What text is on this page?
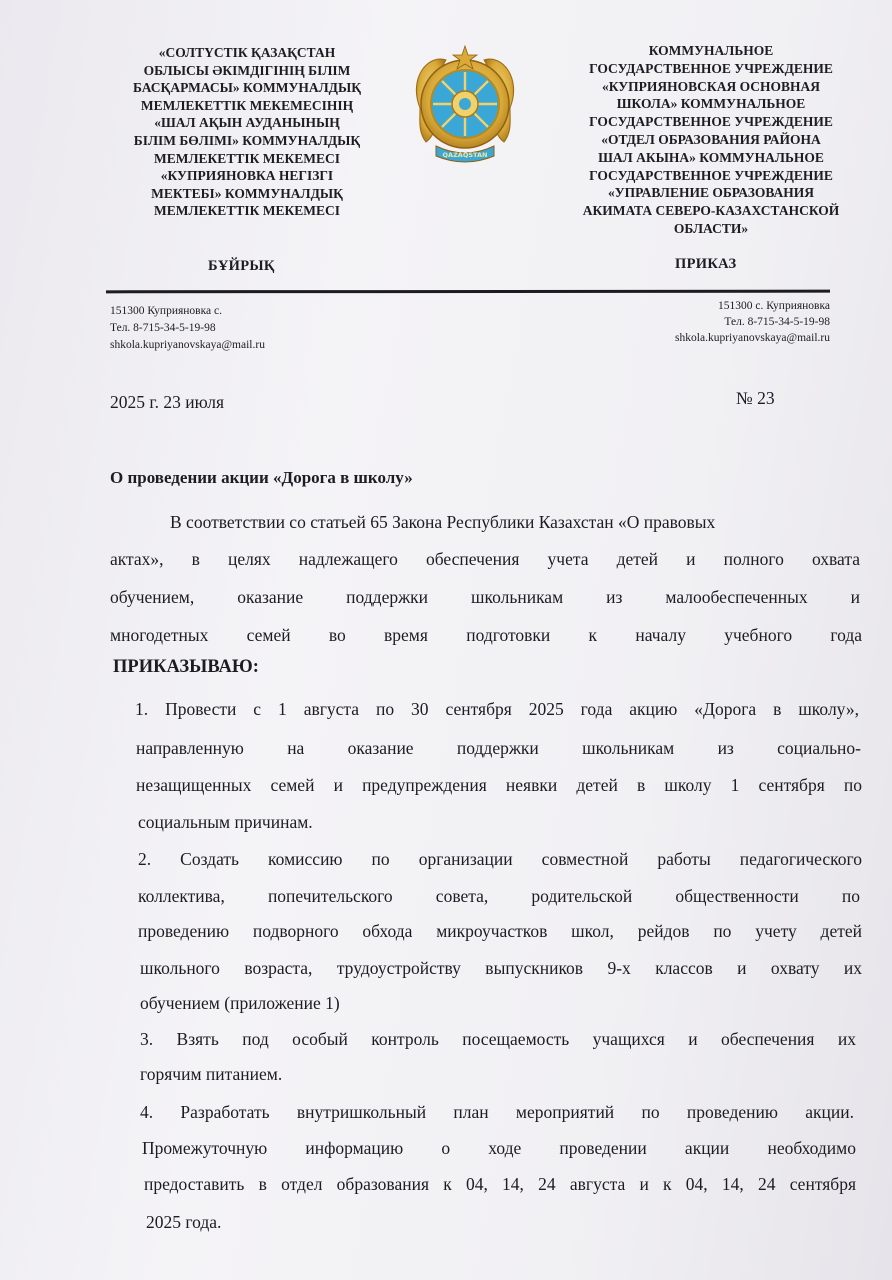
«СОЛТҮСТІК ҚАЗАҚСТАН
ОБЛЫСЫ ӘКІМДІГІНІҢ БІЛІМ
БАСҚАРМАСЫ» КОММУНАЛДЫҚ
МЕМЛЕКЕТТІК МЕКЕМЕСІНІҢ
«ШАЛ АҚЫН АУДАНЫНЫҢ
БІЛІМ БӨЛІМІ» КОММУНАЛДЫҚ
МЕМЛЕКЕТТІК МЕКЕМЕСІ
«КУПРИЯНОВКА НЕГІЗГІ
МЕКТЕБІ» КОММУНАЛДЫҚ
МЕМЛЕКЕТТІК МЕКЕМЕСІ
QAZAQSTAN
КОММУНАЛЬНОЕ
ГОСУДАРСТВЕННОЕ УЧРЕЖДЕНИЕ
«КУПРИЯНОВСКАЯ ОСНОВНАЯ
ШКОЛА» КОММУНАЛЬНОЕ
ГОСУДАРСТВЕННОЕ УЧРЕЖДЕНИЕ
«ОТДЕЛ ОБРАЗОВАНИЯ РАЙОНА
ШАЛ АКЫНА» КОММУНАЛЬНОЕ
ГОСУДАРСТВЕННОЕ УЧРЕЖДЕНИЕ
«УПРАВЛЕНИЕ ОБРАЗОВАНИЯ
АКИМАТА СЕВЕРО-КАЗАХСТАНСКОЙ
ОБЛАСТИ»
БҰЙРЫҚ	ПРИКАЗ
151300 Куприяновка с.
Тел. 8-715-34-5-19-98
shkola.kupriyanovskaya@mail.ru
151300 с. Куприяновка
Тел. 8-715-34-5-19-98
shkola.kupriyanovskaya@mail.ru
2025 г. 23 июля	№ 23
О проведении акции «Дорога в школу»
В соответствии со статьей 65 Закона Республики Казахстан «О правовых
актах», в целях надлежащего обеспечения учета детей и полного охвата
обучением, оказание поддержки школьникам из малообеспеченных и
многодетных семей во время подготовки к началу учебного года
ПРИКАЗЫВАЮ:
1. Провести с 1 августа по 30 сентября 2025 года акцию «Дорога в школу»,
направленную на оказание поддержки школьникам из социально-
незащищенных семей и предупреждения неявки детей в школу 1 сентября по
социальным причинам.
2. Создать комиссию по организации совместной работы педагогического
коллектива, попечительского совета, родительской общественности по
проведению подворного обхода микроучастков школ, рейдов по учету детей
школьного возраста, трудоустройству выпускников 9-х классов и охвату их
обучением (приложение 1)
3. Взять под особый контроль посещаемость учащихся и обеспечения их
горячим питанием.
4. Разработать внутришкольный план мероприятий по проведению акции.
Промежуточную информацию о ходе проведении акции необходимо
предоставить в отдел образования к 04, 14, 24 августа и к 04, 14, 24 сентября
2025 года.
